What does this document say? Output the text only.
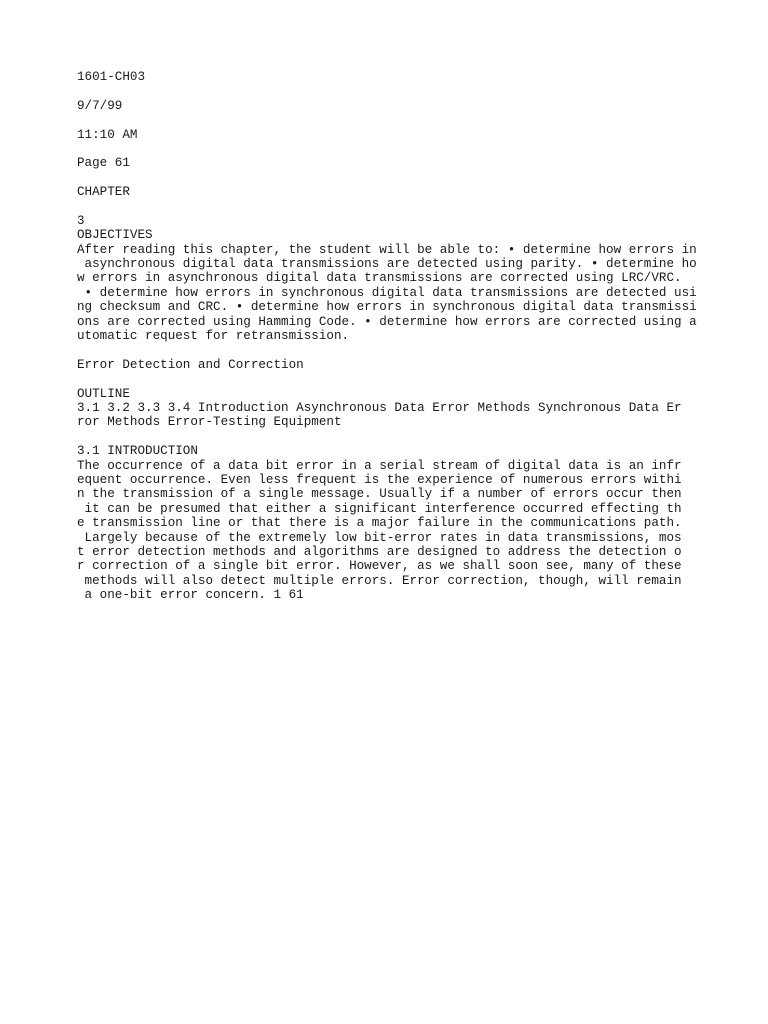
1601-CH03
9/7/99
11:10 AM
Page 61
CHAPTER
3
OBJECTIVES
After reading this chapter, the student will be able to: • determine how errors in
asynchronous digital data transmissions are detected using parity. • determine ho
w errors in asynchronous digital data transmissions are corrected using LRC/VRC.
• determine how errors in synchronous digital data transmissions are detected usi
ng checksum and CRC. • determine how errors in synchronous digital data transmissi
ons are corrected using Hamming Code. • determine how errors are corrected using a
utomatic request for retransmission.
Error Detection and Correction
OUTLINE
3.1 3.2 3.3 3.4 Introduction Asynchronous Data Error Methods Synchronous Data Er
ror Methods Error-Testing Equipment
3.1 INTRODUCTION
The occurrence of a data bit error in a serial stream of digital data is an infr
equent occurrence. Even less frequent is the experience of numerous errors withi
n the transmission of a single message. Usually if a number of errors occur then
it can be presumed that either a significant interference occurred effecting th
e transmission line or that there is a major failure in the communications path.
Largely because of the extremely low bit-error rates in data transmissions, mos
t error detection methods and algorithms are designed to address the detection o
r correction of a single bit error. However, as we shall soon see, many of these
methods will also detect multiple errors. Error correction, though, will remain
a one-bit error concern. 1 61
